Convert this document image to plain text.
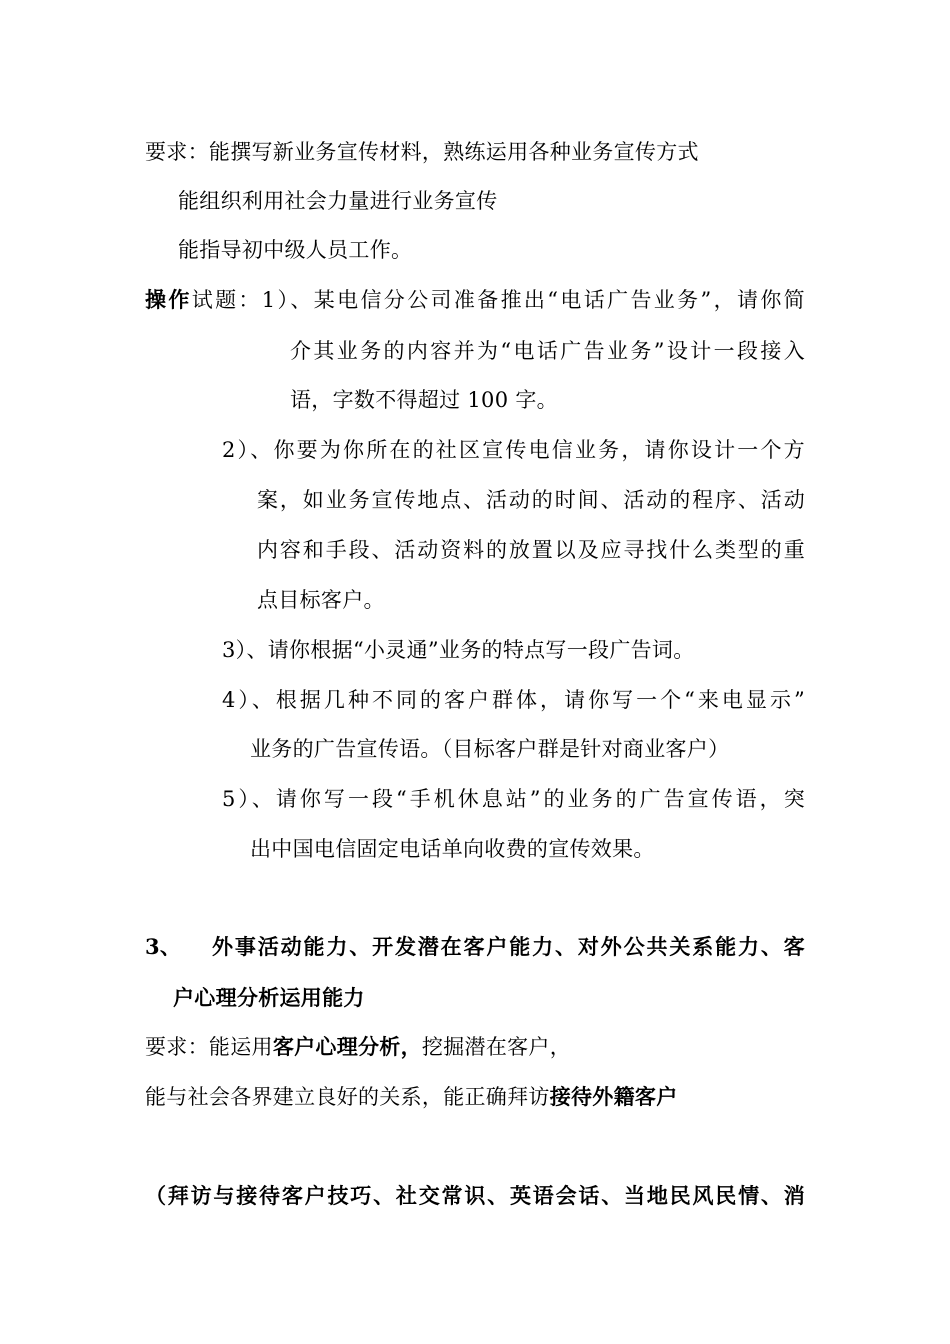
要求：能撰写新业务宣传材料，熟练运用各种业务宣传方式
能组织利用社会力量进行业务宣传
能指导初中级人员工作。
操作试题：1）、某电信分公司准备推出“电话广告业务”，请你简
介其业务的内容并为“电话广告业务”设计一段接入
语，字数不得超过 100 字。
2）、你要为你所在的社区宣传电信业务，请你设计一个方
案，如业务宣传地点、活动的时间、活动的程序、活动
内容和手段、活动资料的放置以及应寻找什么类型的重
点目标客户。
3）、请你根据“小灵通”业务的特点写一段广告词。
4）、根据几种不同的客户群体，请你写一个“来电显示”
业务的广告宣传语。（目标客户群是针对商业客户）
5）、请你写一段“手机休息站”的业务的广告宣传语，突
出中国电信固定电话单向收费的宣传效果。
3、 外事活动能力、开发潜在客户能力、对外公共关系能力、客
户心理分析运用能力
要求：能运用客户心理分析，挖掘潜在客户，
能与社会各界建立良好的关系，能正确拜访接待外籍客户
（拜访与接待客户技巧、社交常识、英语会话、当地民风民情、消
